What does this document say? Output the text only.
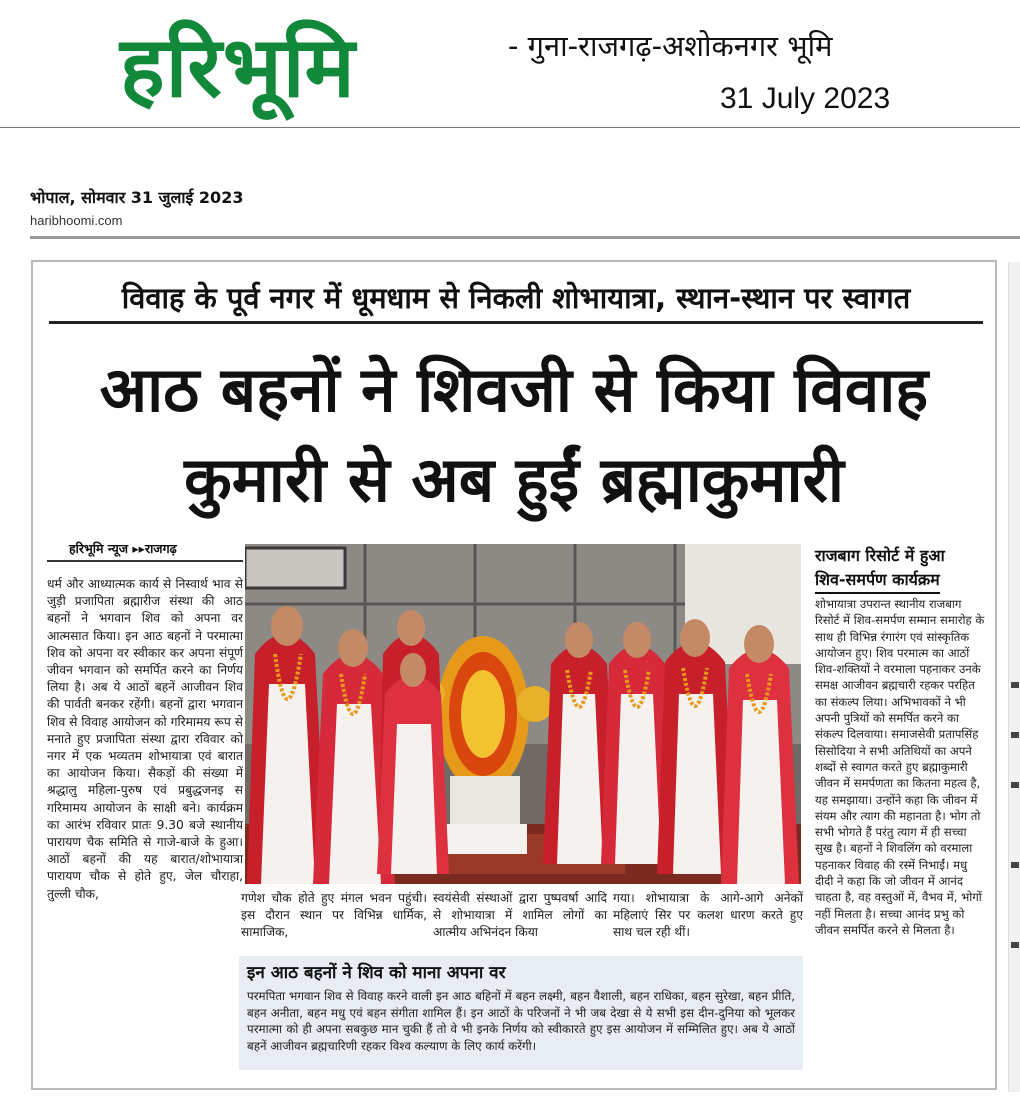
हरिभूमि	- गुना-राजगढ़-अशोकनगर भूमि
31 July 2023
भोपाल, सोमवार 31 जुलाई 2023
haribhoomi.com
विवाह के पूर्व नगर में धूमधाम से निकली शोभायात्रा, स्थान-स्थान पर स्वागत
आठ बहनों ने शिवजी से किया विवाह
कुमारी से अब हुईं ब्रह्माकुमारी
हरिभूमि न्यूज ▸▸राजगढ़
धर्म और आध्यात्मक कार्य से निस्वार्थ भाव से जुड़ी प्रजापिता ब्रह्मारीज संस्था की आठ बहनों ने भगवान शिव को अपना वर आत्मसात किया। इन आठ बहनों ने परमात्मा शिव को अपना वर स्वीकार कर अपना संपूर्ण जीवन भगवान को समर्पित करने का निर्णय लिया है। अब ये आठों बहनें आजीवन शिव की पार्वती बनकर रहेंगी। बहनों द्वारा भगवान शिव से विवाह आयोजन को गरिमामय रूप से मनाते हुए प्रजापिता संस्था द्वारा रविवार को नगर में एक भव्यतम शोभायात्रा एवं बारात का आयोजन किया। सैकड़ों की संख्या में श्रद्धालु महिला-पुरुष एवं प्रबुद्धजनइ स गरिमामय आयोजन के साक्षी बने। कार्यक्रम का आरंभ रविवार प्रातः 9.30 बजे स्थानीय पारायण चैक समिति से गाजे-बाजे के हुआ। आठों बहनों की यह बारात/शोभायात्रा पारायण चौक से होते हुए, जेल चौराहा, तुल्ली चौक,	गणेश चौक होते हुए मंगल भवन पहुंची। इस दौरान स्थान पर विभिन्न धार्मिक, सामाजिक,
स्वयंसेवी संस्थाओं द्वारा पुष्पवर्षा आदि से शोभायात्रा में शामिल लोगों का आत्मीय अभिनंदन किया
गया। शोभायात्रा के आगे-आगे अनेकों महिलाएं सिर पर कलश धारण करते हुए साथ चल रही थीं।
इन आठ बहनों ने शिव को माना अपना वर
परमपिता भगवान शिव से विवाह करने वाली इन आठ बहिनों में बहन लक्ष्मी, बहन वैशाली, बहन राधिका, बहन सुरेखा, बहन प्रीति, बहन अनीता, बहन मधु एवं बहन संगीता शामिल हैं। इन आठों के परिजनों ने भी जब देखा से ये सभी इस दीन-दुनिया को भूलकर परमात्मा को ही अपना सबकुछ मान चुकी हैं तो वे भी इनके निर्णय को स्वीकारते हुए इस आयोजन में सम्मिलित हुए। अब ये आठों बहनें आजीवन ब्रह्मचारिणी रहकर विश्व कल्याण के लिए कार्य करेंगी।
राजबाग रिसोर्ट में हुआ
शिव-समर्पण कार्यक्रम
शोभायात्रा उपरान्त स्थानीय राजबाग रिसोर्ट में शिव-समर्पण सम्मान समारोह के साथ ही विभिन्न रंगारंग एवं सांस्कृतिक आयोजन हुए। शिव परमात्म का आठों शिव-शक्तियों ने वरमाला पहनाकर उनके समक्ष आजीवन ब्रह्मचारी रहकर परहित का संकल्प लिया। अभिभावकों ने भी अपनी पुत्रियों को समर्पित करने का संकल्प दिलवाया। समाजसेवी प्रतापसिंह सिसोदिया ने सभी अतिथियों का अपने शब्दों से स्वागत करते हुए ब्रह्माकुमारी जीवन में समर्पणता का कितना महत्व है, यह समझाया। उन्होंने कहा कि जीवन में संयम और त्याग की महानता है। भोग तो सभी भोगते हैं परंतु त्याग में ही सच्चा सुख है। बहनों ने शिवलिंग को वरमाला पहनाकर विवाह की रस्में निभाईं। मधु दीदी ने कहा कि जो जीवन में आनंद चाहता है, वह वस्तुओं में, वैभव में, भोगों नहीं मिलता है। सच्चा आनंद प्रभु को जीवन समर्पित करने से मिलता है।
